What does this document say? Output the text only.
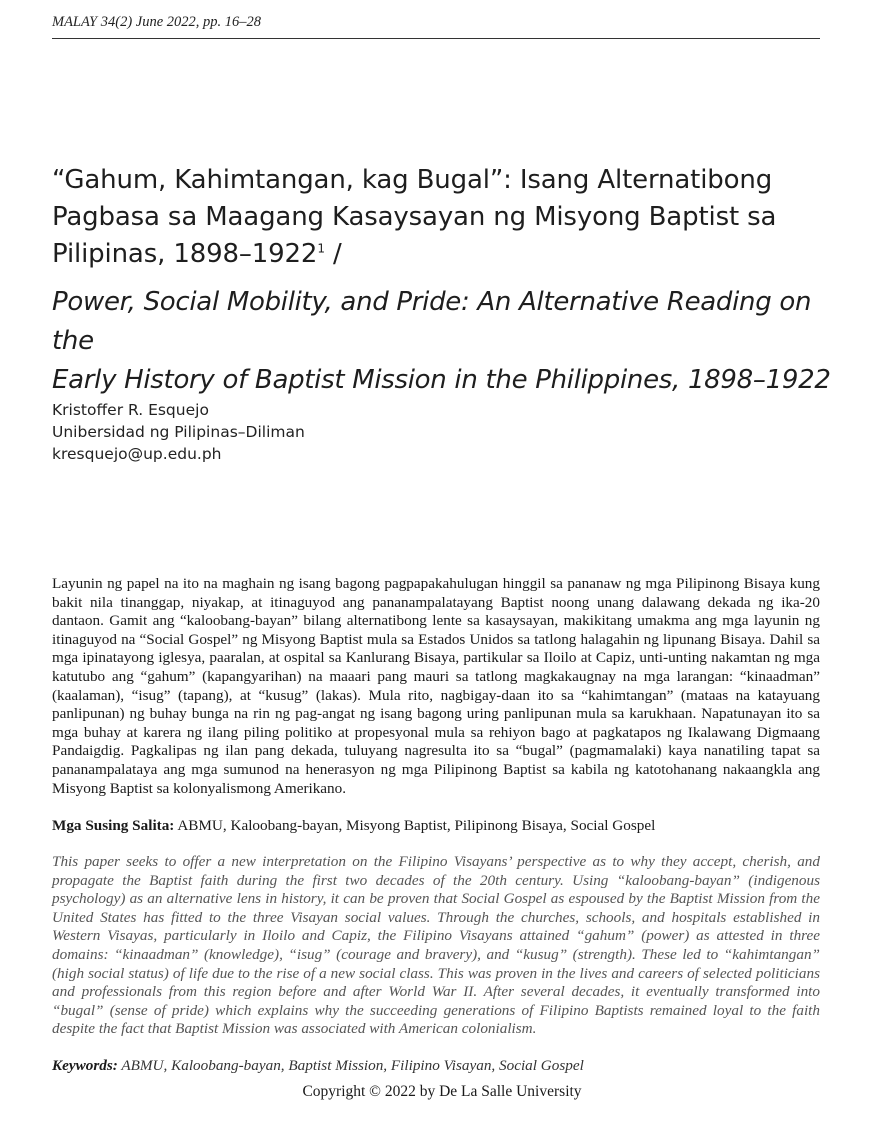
MALAY 34(2) June 2022, pp. 16–28
“Gahum, Kahimtangan, kag Bugal”: Isang Alternatibong
Pagbasa sa Maagang Kasaysayan ng Misyong Baptist sa
Pilipinas, 1898–1922$^1$ /
Power, Social Mobility, and Pride: An Alternative Reading on the
Early History of Baptist Mission in the Philippines, 1898–1922
Kristoffer R. Esquejo
Unibersidad ng Pilipinas–Diliman
kresquejo@up.edu.ph

Layunin ng papel na ito na maghain ng isang bagong pagpapakahulugan hinggil sa pananaw ng mga Pilipinong Bisaya kung bakit nila tinanggap, niyakap, at itinaguyod ang pananampalatayang Baptist noong unang dalawang dekada ng ika-20 dantaon. Gamit ang “kaloobang-bayan” bilang alternatibong lente sa kasaysayan, makikitang umakma ang mga layunin ng itinaguyod na “Social Gospel” ng Misyong Baptist mula sa Estados Unidos sa tatlong halagahin ng lipunang Bisaya. Dahil sa mga ipinatayong iglesya, paaralan, at ospital sa Kanlurang Bisaya, partikular sa Iloilo at Capiz, unti-unting nakamtan ng mga katutubo ang “gahum” (kapangyarihan) na maaari pang mauri sa tatlong magkakaugnay na mga larangan: “kinaadman” (kaalaman), “isug” (tapang), at “kusug” (lakas). Mula rito, nagbigay-daan ito sa “kahimtangan” (mataas na katayuang panlipunan) ng buhay bunga na rin ng pag-angat ng isang bagong uring panlipunan mula sa karukhaan. Napatunayan ito sa mga buhay at karera ng ilang piling politiko at propesyonal mula sa rehiyon bago at pagkatapos ng Ikalawang Digmaang Pandaigdig. Pagkalipas ng ilan pang dekada, tuluyang nagresulta ito sa “bugal” (pagmamalaki) kaya nanatiling tapat sa pananampalataya ang mga sumunod na henerasyon ng mga Pilipinong Baptist sa kabila ng katotohanang nakaangkla ang Misyong Baptist sa kolonyalismong Amerikano.

Mga Susing Salita: ABMU, Kaloobang-bayan, Misyong Baptist, Pilipinong Bisaya, Social Gospel

This paper seeks to offer a new interpretation on the Filipino Visayans’ perspective as to why they accept, cherish, and propagate the Baptist faith during the first two decades of the 20th century. Using “kaloobang-bayan” (indigenous psychology) as an alternative lens in history, it can be proven that Social Gospel as espoused by the Baptist Mission from the United States has fitted to the three Visayan social values. Through the churches, schools, and hospitals established in Western Visayas, particularly in Iloilo and Capiz, the Filipino Visayans attained “gahum” (power) as attested in three domains: “kinaadman” (knowledge), “isug” (courage and bravery), and “kusug” (strength). These led to “kahimtangan” (high social status) of life due to the rise of a new social class. This was proven in the lives and careers of selected politicians and professionals from this region before and after World War II. After several decades, it eventually transformed into “bugal” (sense of pride) which explains why the succeeding generations of Filipino Baptists remained loyal to the faith despite the fact that Baptist Mission was associated with American colonialism.

Keywords: ABMU, Kaloobang-bayan, Baptist Mission, Filipino Visayan, Social Gospel
Copyright © 2022 by De La Salle University
